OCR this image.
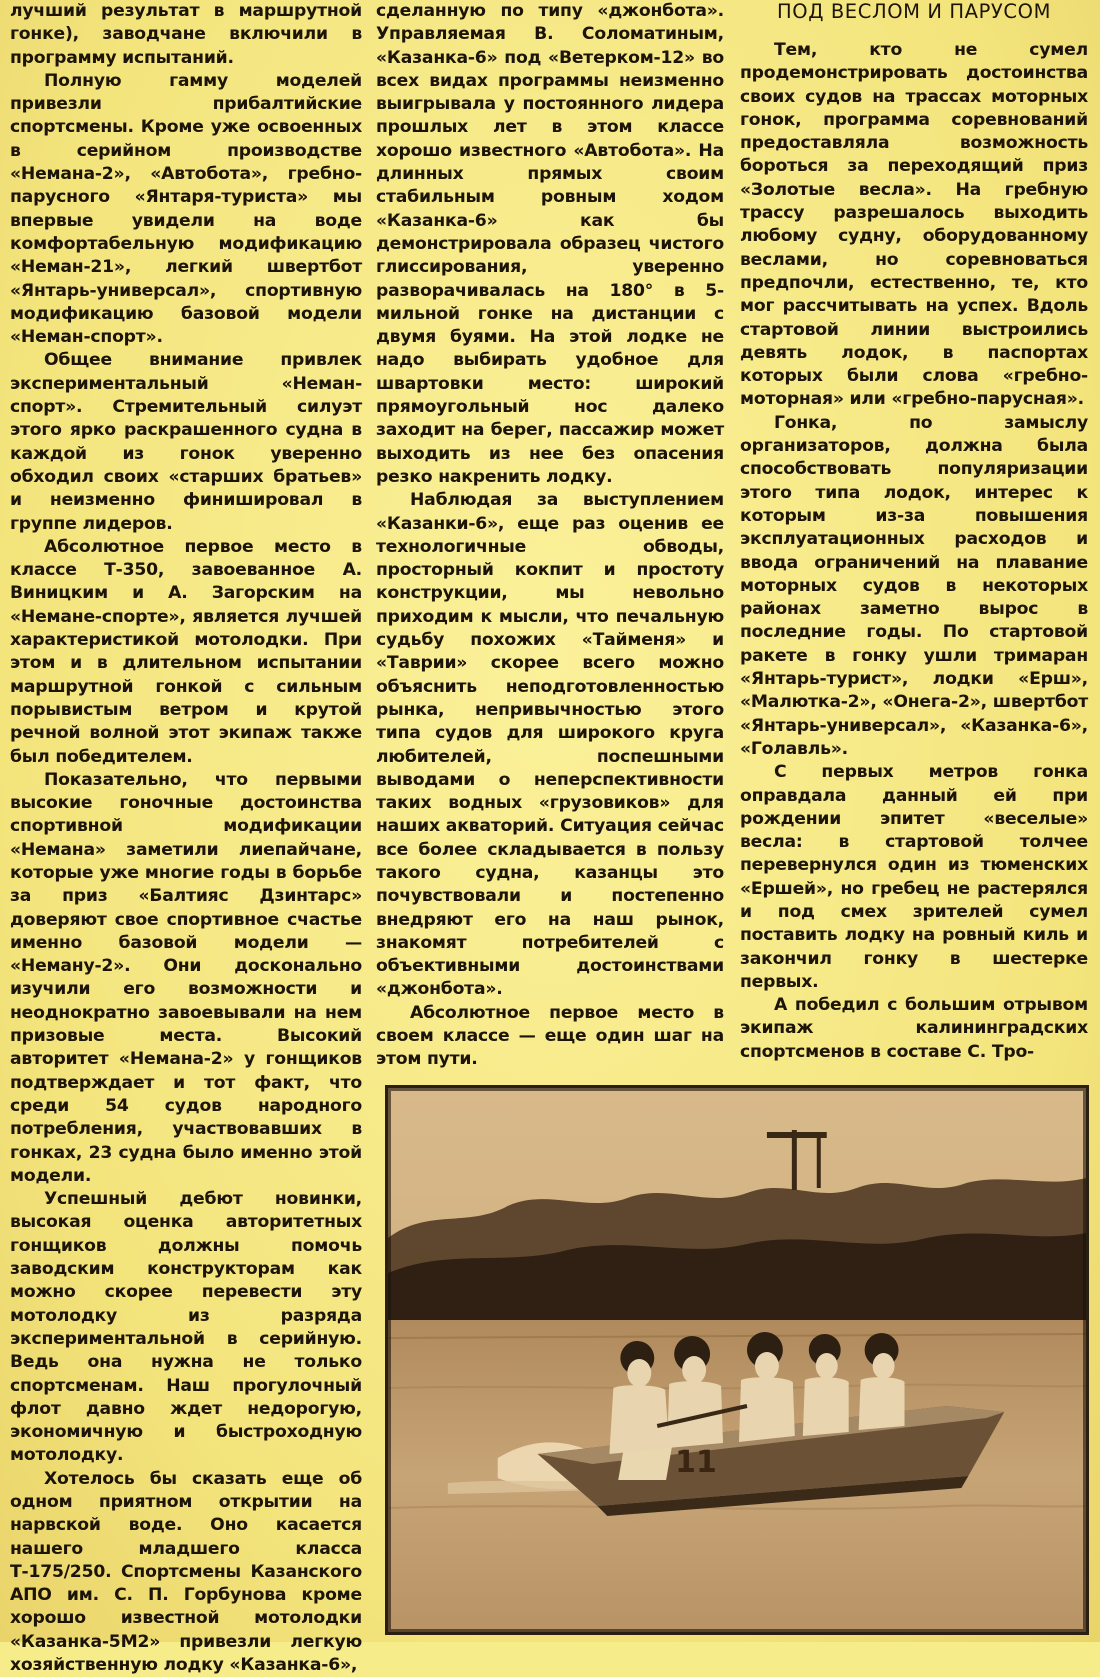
лучший результат в маршрутной гонке), заводчане включили в программу испытаний.

Полную гамму моделей привезли прибалтийские спортсмены. Кроме уже освоенных в серийном производстве «Немана-2», «Автобота», гребно-парусного «Янтаря-туриста» мы впервые увидели на воде комфортабельную модификацию «Неман-21», легкий швертбот «Янтарь-универсал», спортивную модификацию базовой модели «Неман-спорт».

Общее внимание привлек экспериментальный «Неман-спорт». Стремительный силуэт этого ярко раскрашенного судна в каждой из гонок уверенно обходил своих «старших братьев» и неизменно финишировал в группе лидеров.

Абсолютное первое место в классе Т-350, завоеванное А. Виницким и А. Загорским на «Немане-спорте», является лучшей характеристикой мотолодки. При этом и в длительном испытании маршрутной гонкой с сильным порывистым ветром и крутой речной волной этот экипаж также был победителем.

Показательно, что первыми высокие гоночные достоинства спортивной модификации «Немана» заметили лиепайчане, которые уже многие годы в борьбе за приз «Балтияс Дзинтарс» доверяют свое спортивное счастье именно базовой модели — «Неману-2». Они досконально изучили его возможности и неоднократно завоевывали на нем призовые места. Высокий авторитет «Немана-2» у гонщиков подтверждает и тот факт, что среди 54 судов народного потребления, участвовавших в гонках, 23 судна было именно этой модели.

Успешный дебют новинки, высокая оценка авторитетных гонщиков должны помочь заводским конструкторам как можно скорее перевести эту мотолодку из разряда экспериментальной в серийную. Ведь она нужна не только спортсменам. Наш прогулочный флот давно ждет недорогую, экономичную и быстроходную мотолодку.

Хотелось бы сказать еще об одном приятном открытии на нарвской воде. Оно касается нашего младшего класса Т-175/250. Спортсмены Казанского АПО им. С. П. Горбунова кроме хорошо известной мотолодки «Казанка-5М2» привезли легкую хозяйственную лодку «Казанка-6»,

сделанную по типу «джонбота». Управляемая В. Соломатиным, «Казанка-6» под «Ветерком-12» во всех видах программы неизменно выигрывала у постоянного лидера прошлых лет в этом классе хорошо известного «Автобота». На длинных прямых своим стабильным ровным ходом «Казанка-6» как бы демонстрировала образец чистого глиссирования, уверенно разворачивалась на 180° в 5-мильной гонке на дистанции с двумя буями. На этой лодке не надо выбирать удобное для швартовки место: широкий прямоугольный нос далеко заходит на берег, пассажир может выходить из нее без опасения резко накренить лодку.

Наблюдая за выступлением «Казанки-6», еще раз оценив ее технологичные обводы, просторный кокпит и простоту конструкции, мы невольно приходим к мысли, что печальную судьбу похожих «Тайменя» и «Таврии» скорее всего можно объяснить неподготовленностью рынка, непривычностью этого типа судов для широкого круга любителей, поспешными выводами о неперспективности таких водных «грузовиков» для наших акваторий. Ситуация сейчас все более складывается в пользу такого судна, казанцы это почувствовали и постепенно внедряют его на наш рынок, знакомят потребителей с объективными достоинствами «джонбота».

Абсолютное первое место в своем классе — еще один шаг на этом пути.

ПОД ВЕСЛОМ И ПАРУСОМ

Тем, кто не сумел продемонстрировать достоинства своих судов на трассах моторных гонок, программа соревнований предоставляла возможность бороться за переходящий приз «Золотые весла». На гребную трассу разрешалось выходить любому судну, оборудованному веслами, но соревноваться предпочли, естественно, те, кто мог рассчитывать на успех. Вдоль стартовой линии выстроились девять лодок, в паспортах которых были слова «гребно-моторная» или «гребно-парусная».

Гонка, по замыслу организаторов, должна была способствовать популяризации этого типа лодок, интерес к которым из-за повышения эксплуатационных расходов и ввода ограничений на плавание моторных судов в некоторых районах заметно вырос в последние годы. По стартовой ракете в гонку ушли тримаран «Янтарь-турист», лодки «Ерш», «Малютка-2», «Онега-2», швертбот «Янтарь-универсал», «Казанка-6», «Голавль».

С первых метров гонка оправдала данный ей при рождении эпитет «веселые» весла: в стартовой толчее перевернулся один из тюменских «Ершей», но гребец не растерялся и под смех зрителей сумел поставить лодку на ровный киль и закончил гонку в шестерке первых.

А победил с большим отрывом экипаж калининградских спортсменов в составе С. Тро-

11
